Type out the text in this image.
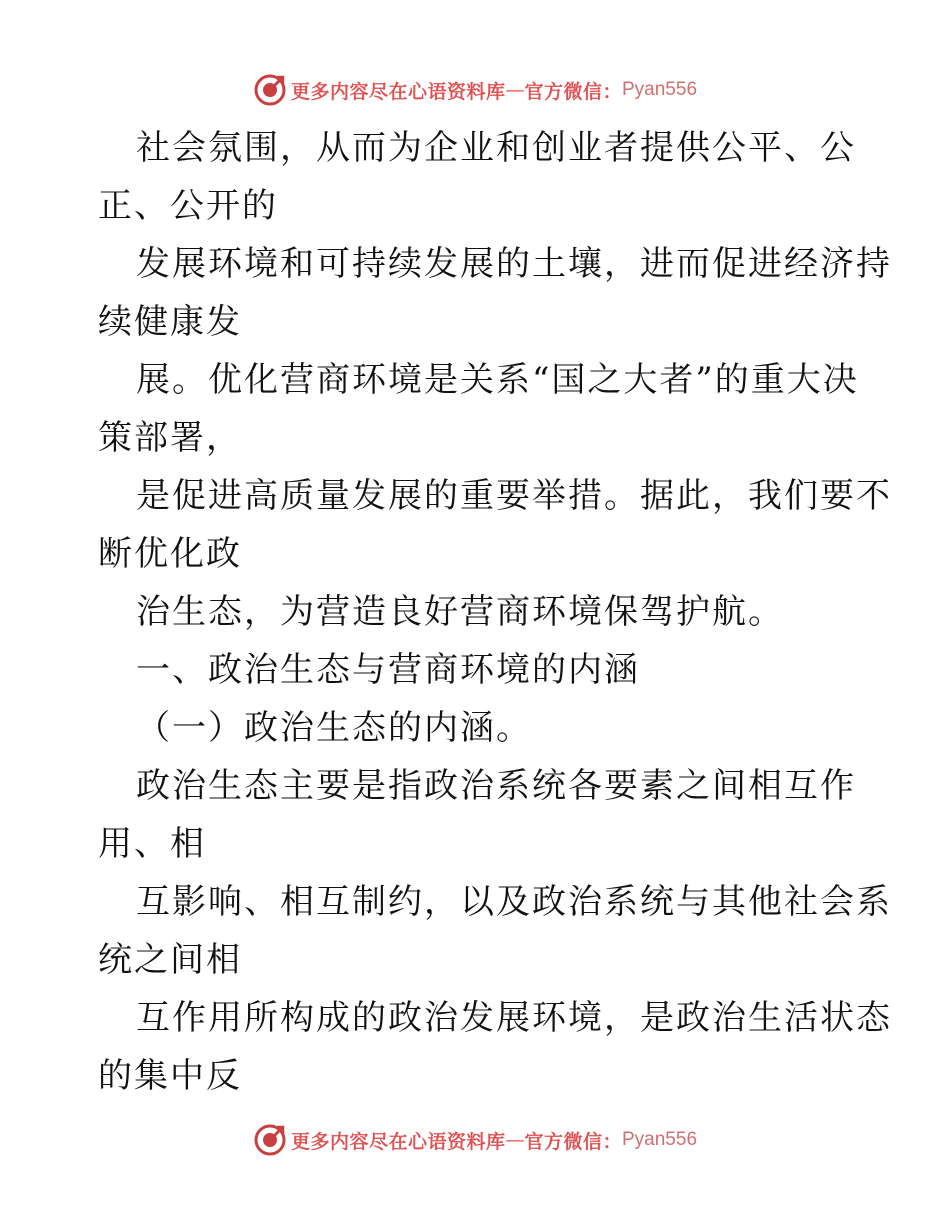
更多内容尽在心语资料库 — 官方微信： Pyan556
社会氛围，从而为企业和创业者提供公平、公
正、公开的
发展环境和可持续发展的土壤，进而促进经济持
续健康发
展。优化营商环境是关系“国之大者”的重大决
策部署，
是促进高质量发展的重要举措。据此，我们要不
断优化政
治生态，为营造良好营商环境保驾护航。
一、政治生态与营商环境的内涵
（一）政治生态的内涵。
政治生态主要是指政治系统各要素之间相互作
用、相
互影响、相互制约，以及政治系统与其他社会系
统之间相
互作用所构成的政治发展环境，是政治生活状态
的集中反
更多内容尽在心语资料库 — 官方微信： Pyan556
